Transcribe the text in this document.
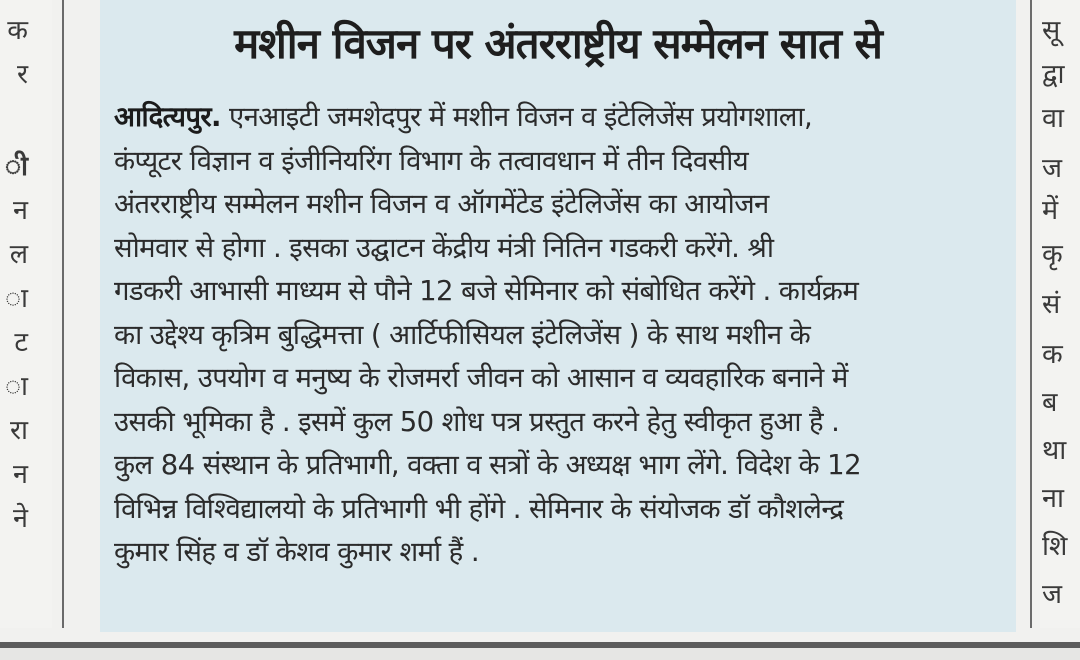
क
र
ी
न
ल
ा
ट
ा
रा
न
ने
मशीन विजन पर अंतरराष्ट्रीय सम्मेलन सात से
आदित्यपुर. एनआइटी जमशेदपुर में मशीन विजन व इंटेलिजेंस प्रयोगशाला,
कंप्यूटर विज्ञान व इंजीनियरिंग विभाग के तत्वावधान में तीन दिवसीय
अंतरराष्ट्रीय सम्मेलन मशीन विजन व ऑगमेंटेड इंटेलिजेंस का आयोजन
सोमवार से होगा . इसका उद्घाटन केंद्रीय मंत्री नितिन गडकरी करेंगे. श्री
गडकरी आभासी माध्यम से पौने 12 बजे सेमिनार को संबोधित करेंगे . कार्यक्रम
का उद्देश्य कृत्रिम बुद्धिमत्ता ( आर्टिफीसियल इंटेलिजेंस ) के साथ मशीन के
विकास, उपयोग व मनुष्य के रोजमर्रा जीवन को आसान व व्यवहारिक बनाने में
उसकी भूमिका है . इसमें कुल 50 शोध पत्र प्रस्तुत करने हेतु स्वीकृत हुआ है .
कुल 84 संस्थान के प्रतिभागी, वक्ता व सत्रों के अध्यक्ष भाग लेंगे. विदेश के 12
विभिन्न विश्विद्यालयो के प्रतिभागी भी होंगे . सेमिनार के संयोजक डॉ कौशलेन्द्र
कुमार सिंह व डॉ केशव कुमार शर्मा हैं .
सू
द्वा
वा
ज
में
कृ
सं
क
ब
था
ना
शि
ज
